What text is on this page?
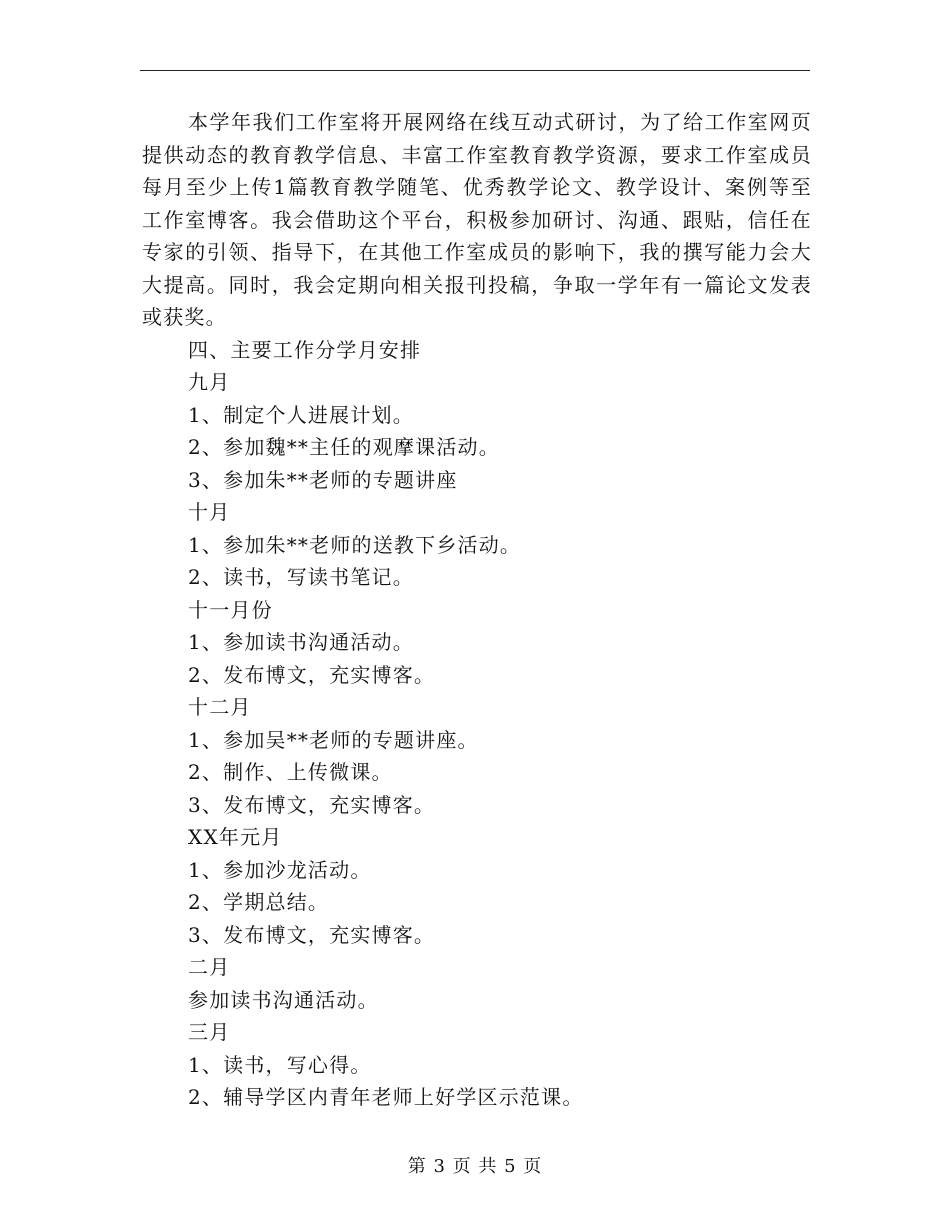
本学年我们工作室将开展网络在线互动式研讨，为了给工作室网页提供动态的教育教学信息、丰富工作室教育教学资源，要求工作室成员每月至少上传1篇教育教学随笔、优秀教学论文、教学设计、案例等至工作室博客。我会借助这个平台，积极参加研讨、沟通、跟贴，信任在专家的引领、指导下，在其他工作室成员的影响下，我的撰写能力会大大提高。同时，我会定期向相关报刊投稿，争取一学年有一篇论文发表或获奖。

四、主要工作分学月安排
九月
1、制定个人进展计划。
2、参加魏**主任的观摩课活动。
3、参加朱**老师的专题讲座
十月
1、参加朱**老师的送教下乡活动。
2、读书，写读书笔记。
十一月份
1、参加读书沟通活动。
2、发布博文，充实博客。
十二月
1、参加吴**老师的专题讲座。
2、制作、上传微课。
3、发布博文，充实博客。
XX年元月
1、参加沙龙活动。
2、学期总结。
3、发布博文，充实博客。
二月
参加读书沟通活动。
三月
1、读书，写心得。
2、辅导学区内青年老师上好学区示范课。
第 3 页 共 5 页
